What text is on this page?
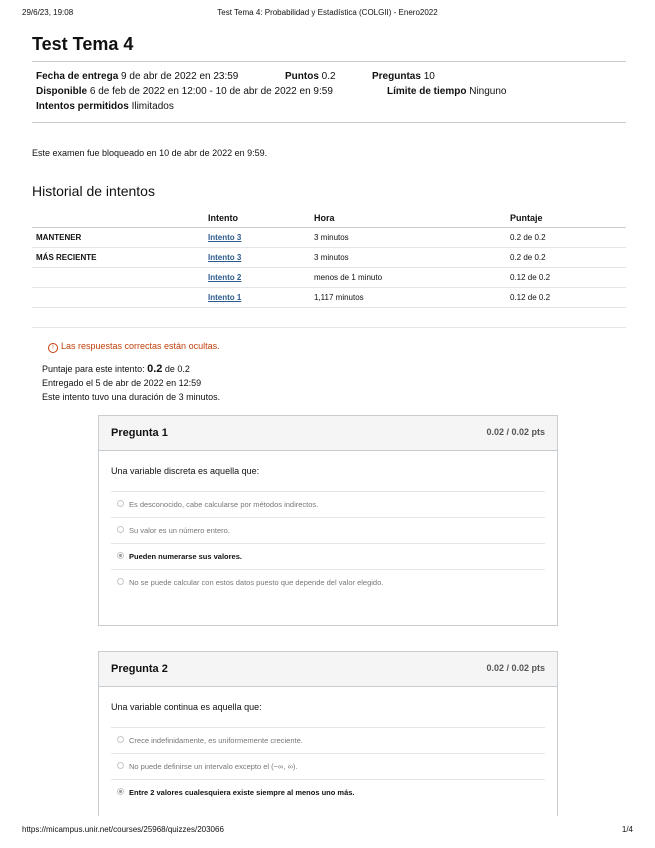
29/6/23, 19:08	Test Tema 4: Probabilidad y Estadística (COLGII) - Enero2022
Test Tema 4
Fecha de entrega 9 de abr de 2022 en 23:59	Puntos 0.2	Preguntas 10
Disponible 6 de feb de 2022 en 12:00 - 10 de abr de 2022 en 9:59	Límite de tiempo Ninguno
Intentos permitidos Ilimitados
Este examen fue bloqueado en 10 de abr de 2022 en 9:59.
Historial de intentos
	Intento	Hora	Puntaje
MANTENER	Intento 3	3 minutos	0.2 de 0.2
MÁS RECIENTE	Intento 3	3 minutos	0.2 de 0.2
	Intento 2	menos de 1 minuto	0.12 de 0.2
	Intento 1	1,117 minutos	0.12 de 0.2

! Las respuestas correctas están ocultas.
Puntaje para este intento: 0.2 de 0.2
Entregado el 5 de abr de 2022 en 12:59
Este intento tuvo una duración de 3 minutos.
Pregunta 1	0.02 / 0.02 pts
Una variable discreta es aquella que:
Es desconocido, cabe calcularse por métodos indirectos.
Su valor es un número entero.
Pueden numerarse sus valores.
No se puede calcular con estos datos puesto que depende del valor elegido.
Pregunta 2	0.02 / 0.02 pts
Una variable continua es aquella que:
Crece indefinidamente, es uniformemente creciente.
No puede definirse un intervalo excepto el (−∞, ∞).
Entre 2 valores cualesquiera existe siempre al menos uno más.
https://micampus.unir.net/courses/25968/quizzes/203066	1/4
